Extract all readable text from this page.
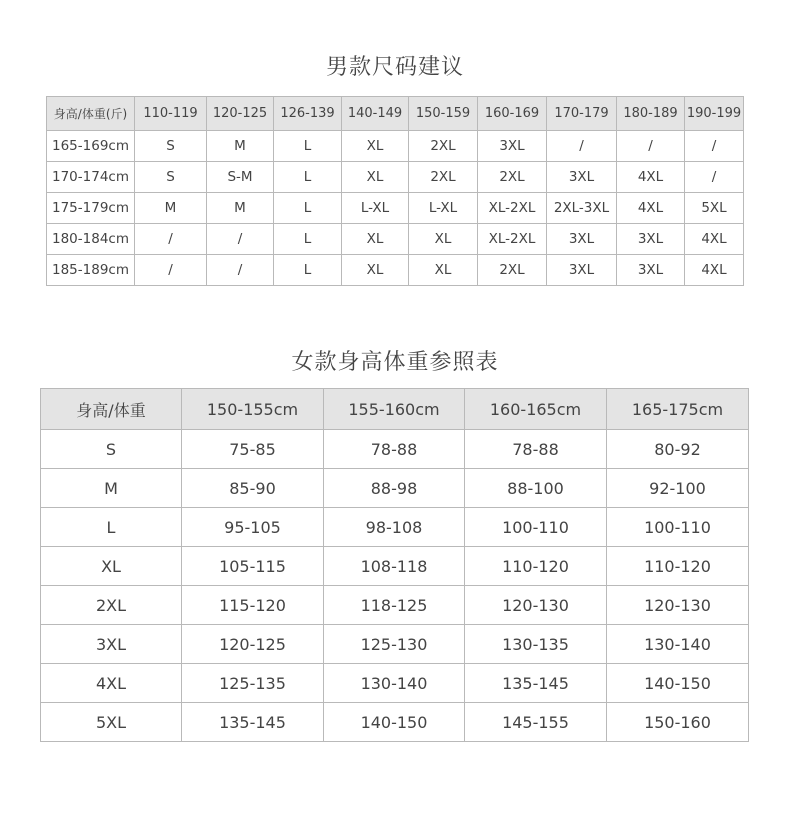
男款尺码建议
身高/体重(斤)	110-119	120-125	126-139	140-149	150-159	160-169	170-179	180-189	190-199
165-169cm	S	M	L	XL	2XL	3XL	/	/	/
170-174cm	S	S-M	L	XL	2XL	2XL	3XL	4XL	/
175-179cm	M	M	L	L-XL	L-XL	XL-2XL	2XL-3XL	4XL	5XL
180-184cm	/	/	L	XL	XL	XL-2XL	3XL	3XL	4XL
185-189cm	/	/	L	XL	XL	2XL	3XL	3XL	4XL
女款身高体重参照表
身高/体重	150-155cm	155-160cm	160-165cm	165-175cm
S	75-85	78-88	78-88	80-92
M	85-90	88-98	88-100	92-100
L	95-105	98-108	100-110	100-110
XL	105-115	108-118	110-120	110-120
2XL	115-120	118-125	120-130	120-130
3XL	120-125	125-130	130-135	130-140
4XL	125-135	130-140	135-145	140-150
5XL	135-145	140-150	145-155	150-160
